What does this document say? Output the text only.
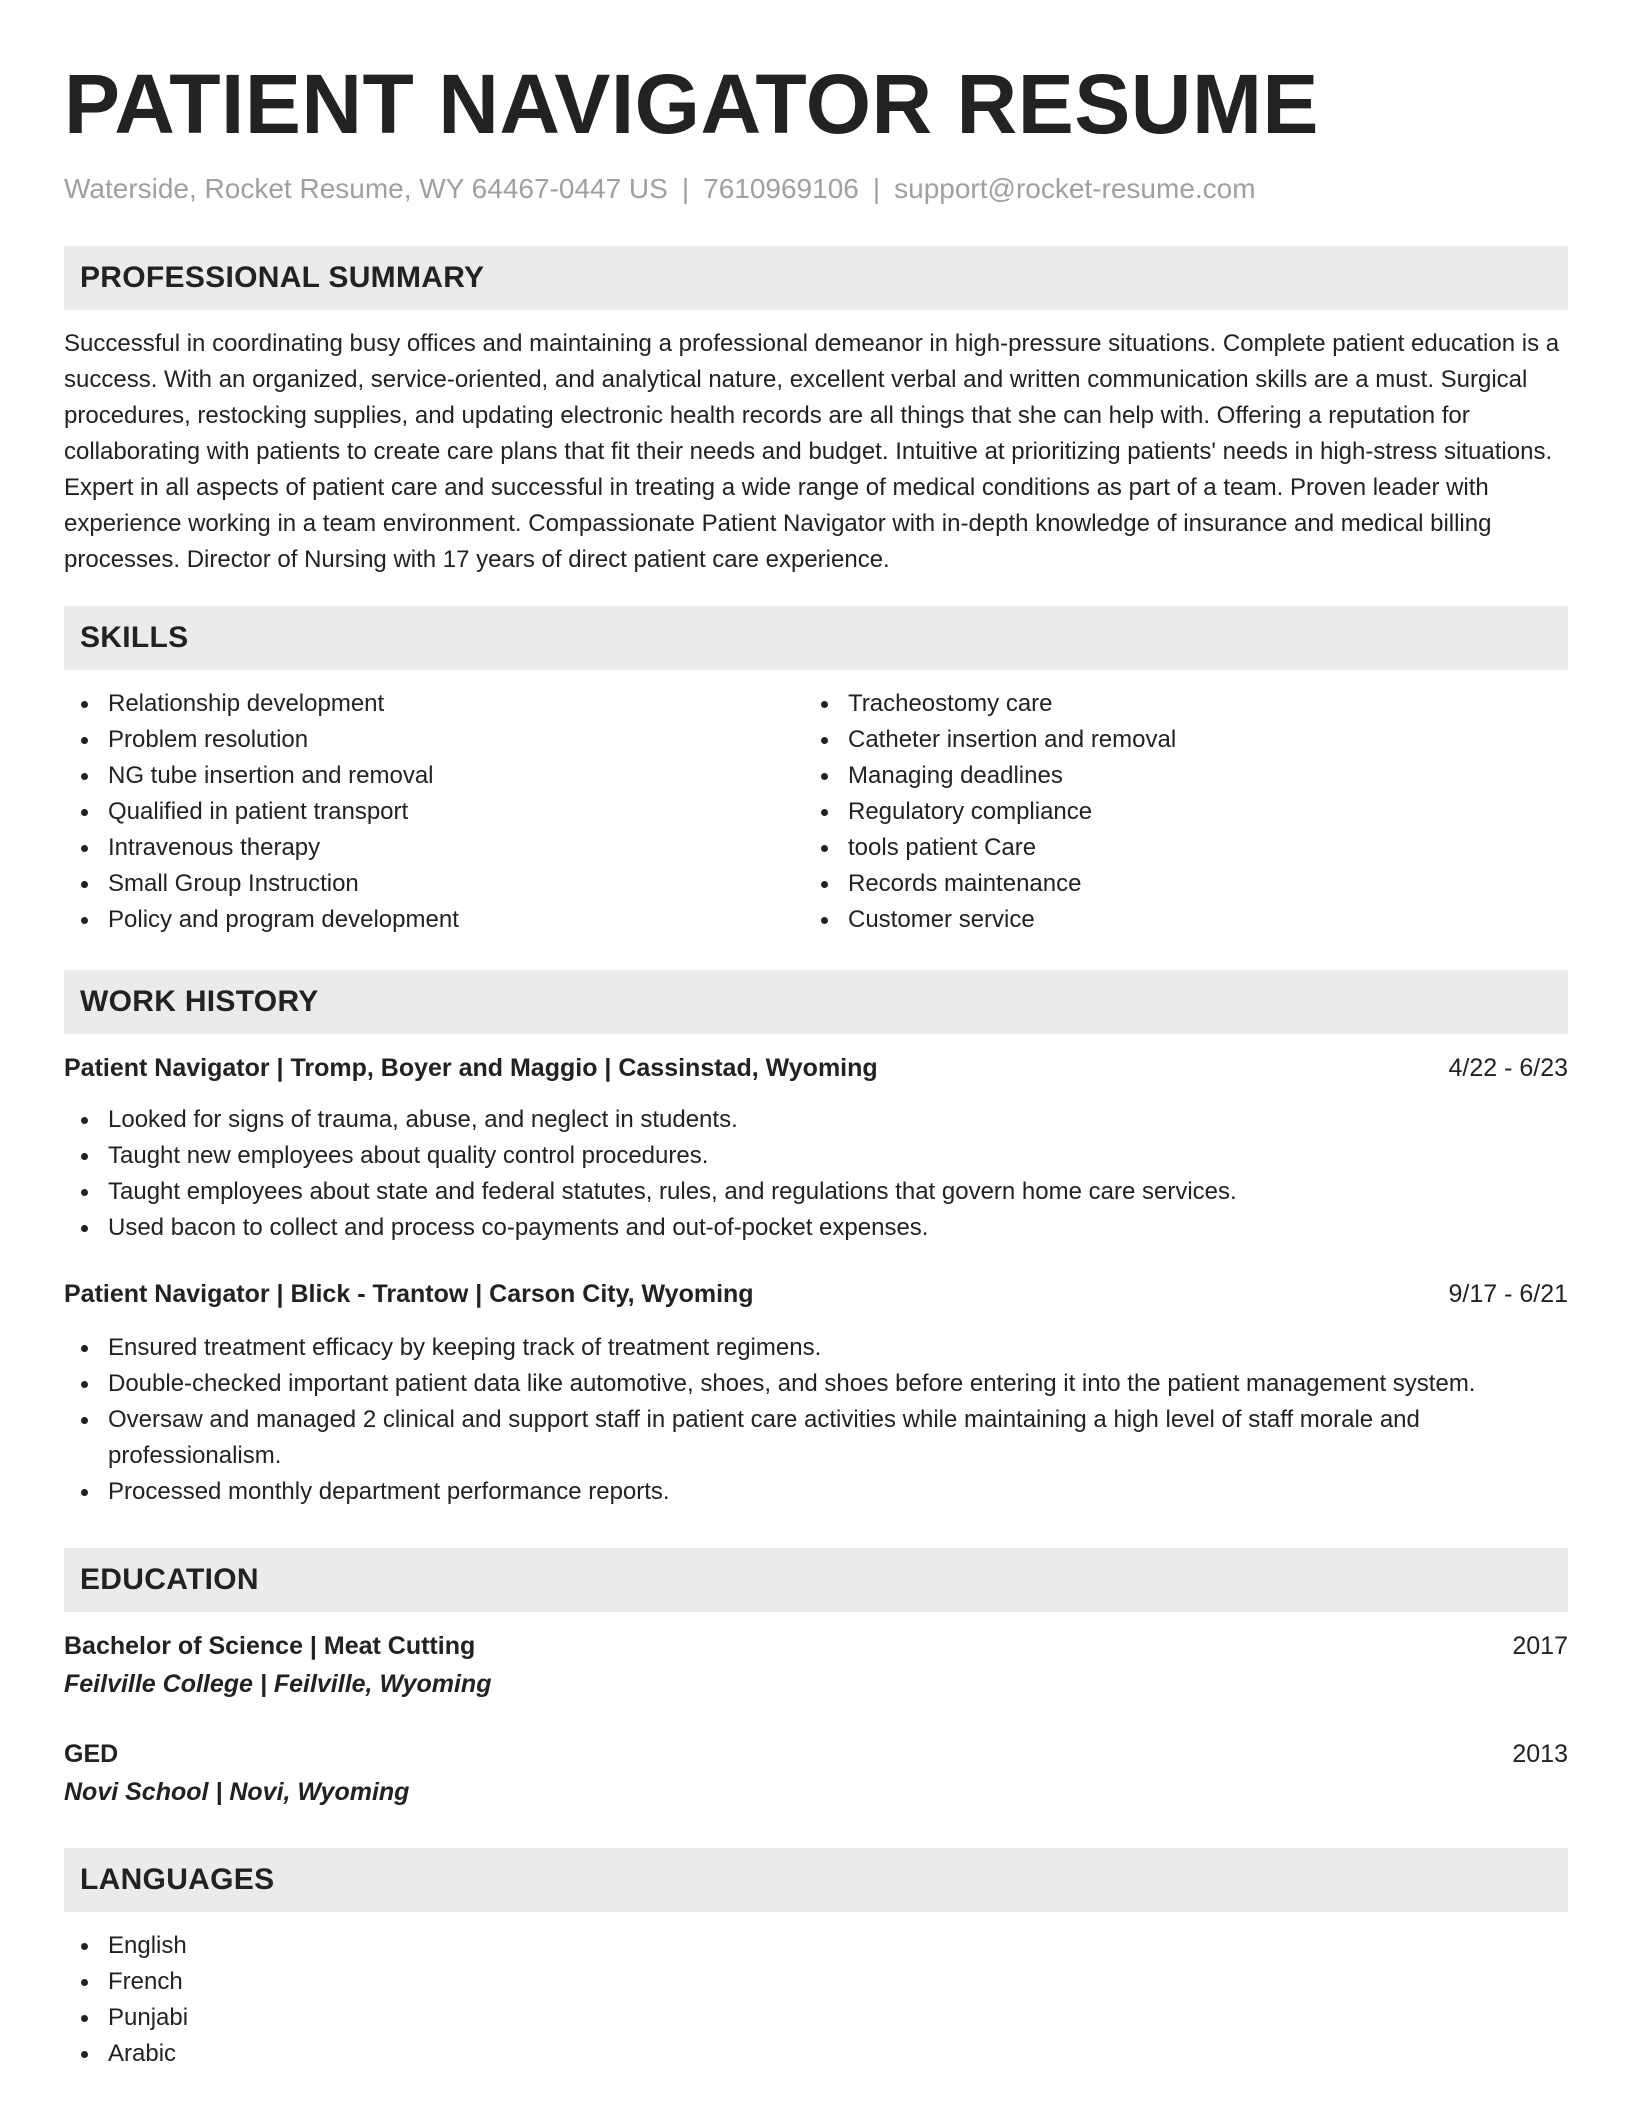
PATIENT NAVIGATOR RESUME
Waterside, Rocket Resume, WY 64467-0447 US | 7610969106 | support@rocket-resume.com
PROFESSIONAL SUMMARY

Successful in coordinating busy offices and maintaining a professional demeanor in high-pressure situations. Complete patient education is a success. With an organized, service-oriented, and analytical nature, excellent verbal and written communication skills are a must. Surgical procedures, restocking supplies, and updating electronic health records are all things that she can help with. Offering a reputation for collaborating with patients to create care plans that fit their needs and budget. Intuitive at prioritizing patients' needs in high-stress situations. Expert in all aspects of patient care and successful in treating a wide range of medical conditions as part of a team. Proven leader with experience working in a team environment. Compassionate Patient Navigator with in-depth knowledge of insurance and medical billing processes. Director of Nursing with 17 years of direct patient care experience.

SKILLS
Relationship development
Problem resolution
NG tube insertion and removal
Qualified in patient transport
Intravenous therapy
Small Group Instruction
Policy and program development
Tracheostomy care
Catheter insertion and removal
Managing deadlines
Regulatory compliance
tools patient Care
Records maintenance
Customer service
WORK HISTORY
Patient Navigator | Tromp, Boyer and Maggio | Cassinstad, Wyoming	4/22 - 6/23
Looked for signs of trauma, abuse, and neglect in students.
Taught new employees about quality control procedures.
Taught employees about state and federal statutes, rules, and regulations that govern home care services.
Used bacon to collect and process co-payments and out-of-pocket expenses.
Patient Navigator | Blick - Trantow | Carson City, Wyoming	9/17 - 6/21
Ensured treatment efficacy by keeping track of treatment regimens.
Double-checked important patient data like automotive, shoes, and shoes before entering it into the patient management system.
Oversaw and managed 2 clinical and support staff in patient care activities while maintaining a high level of staff morale and professionalism.
Processed monthly department performance reports.
EDUCATION
Bachelor of Science | Meat Cutting	2017
Feilville College | Feilville, Wyoming
GED	2013
Novi School | Novi, Wyoming
LANGUAGES
English
French
Punjabi
Arabic
